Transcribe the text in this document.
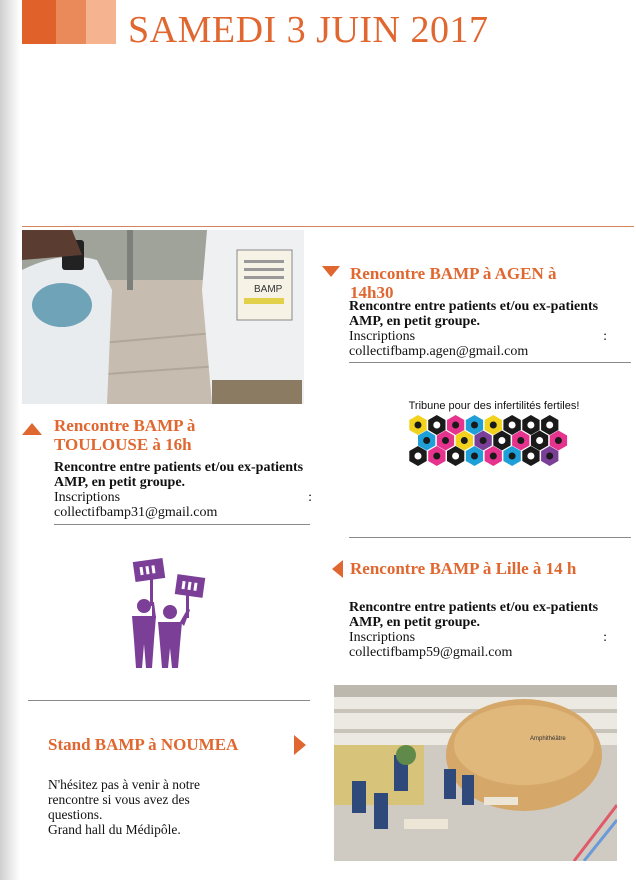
SAMEDI 3 JUIN 2017
BAMP
Rencontre BAMP à AGEN à 14h30
Rencontre entre patients et/ou ex-patients AMP, en petit groupe.
Inscriptions	:
collectifbamp.agen@gmail.com
Rencontre BAMP à TOULOUSE à 16h
Rencontre entre patients et/ou ex-patients AMP, en petit groupe.
Inscriptions	:
collectifbamp31@gmail.com
Tribune pour des infertilités fertiles!
Rencontre BAMP à Lille à 14 h
Rencontre entre patients et/ou ex-patients AMP, en petit groupe.
Inscriptions	:
collectifbamp59@gmail.com
Stand BAMP à NOUMEA
N'hésitez pas à venir à notre
rencontre si vous avez des
questions.
Grand hall du Médipôle.
Amphithéâtre
